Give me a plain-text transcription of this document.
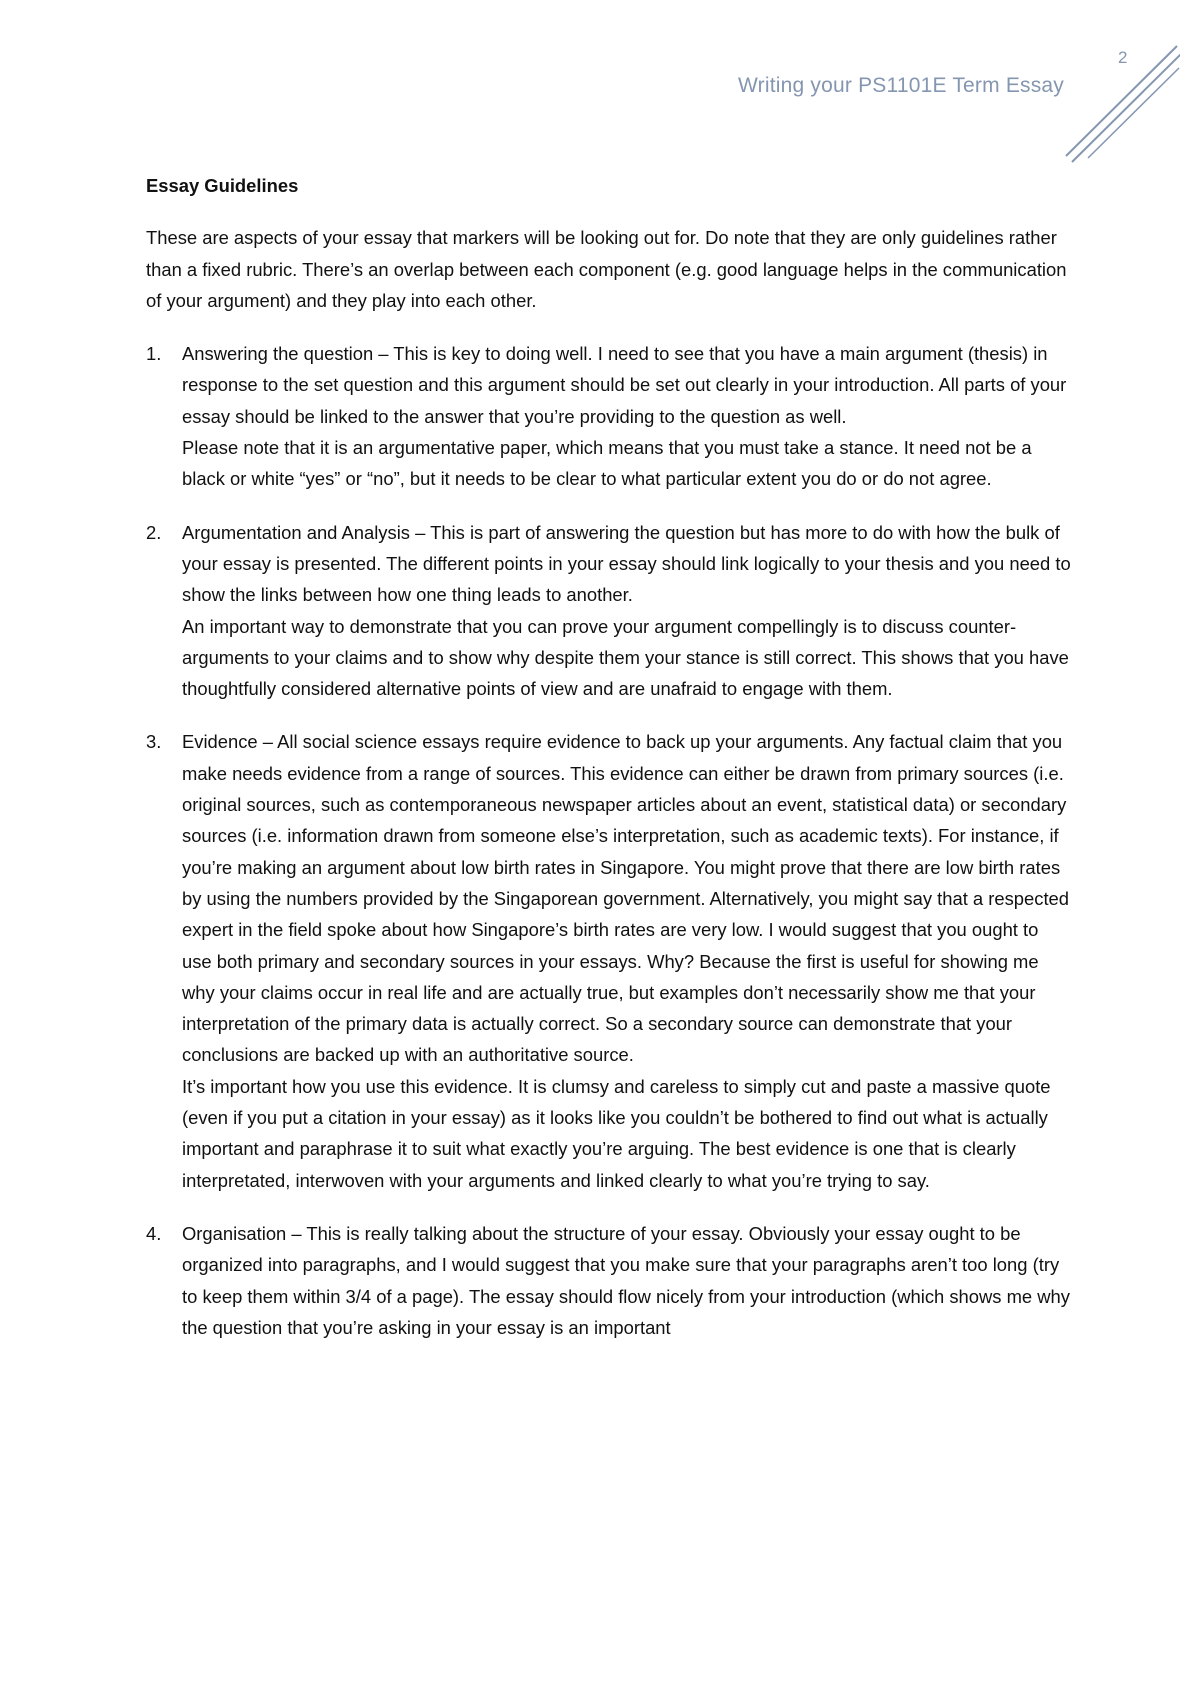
Writing your PS1101E Term Essay
2

Essay Guidelines

These are aspects of your essay that markers will be looking out for. Do note that they are only guidelines rather than a fixed rubric. There’s an overlap between each component (e.g. good language helps in the communication of your argument) and they play into each other.

1. Answering the question – This is key to doing well. I need to see that you have a main argument (thesis) in response to the set question and this argument should be set out clearly in your introduction. All parts of your essay should be linked to the answer that you’re providing to the question as well.

Please note that it is an argumentative paper, which means that you must take a stance. It need not be a black or white “yes” or “no”, but it needs to be clear to what particular extent you do or do not agree.

2. Argumentation and Analysis – This is part of answering the question but has more to do with how the bulk of your essay is presented. The different points in your essay should link logically to your thesis and you need to show the links between how one thing leads to another.

An important way to demonstrate that you can prove your argument compellingly is to discuss counter-arguments to your claims and to show why despite them your stance is still correct. This shows that you have thoughtfully considered alternative points of view and are unafraid to engage with them.

3. Evidence – All social science essays require evidence to back up your arguments. Any factual claim that you make needs evidence from a range of sources. This evidence can either be drawn from primary sources (i.e. original sources, such as contemporaneous newspaper articles about an event, statistical data) or secondary sources (i.e. information drawn from someone else’s interpretation, such as academic texts). For instance, if you’re making an argument about low birth rates in Singapore. You might prove that there are low birth rates by using the numbers provided by the Singaporean government. Alternatively, you might say that a respected expert in the field spoke about how Singapore’s birth rates are very low. I would suggest that you ought to use both primary and secondary sources in your essays. Why? Because the first is useful for showing me why your claims occur in real life and are actually true, but examples don’t necessarily show me that your interpretation of the primary data is actually correct. So a secondary source can demonstrate that your conclusions are backed up with an authoritative source.

It’s important how you use this evidence. It is clumsy and careless to simply cut and paste a massive quote (even if you put a citation in your essay) as it looks like you couldn’t be bothered to find out what is actually important and paraphrase it to suit what exactly you’re arguing. The best evidence is one that is clearly interpretated, interwoven with your arguments and linked clearly to what you’re trying to say.

4. Organisation – This is really talking about the structure of your essay. Obviously your essay ought to be organized into paragraphs, and I would suggest that you make sure that your paragraphs aren’t too long (try to keep them within 3/4 of a page). The essay should flow nicely from your introduction (which shows me why the question that you’re asking in your essay is an important
